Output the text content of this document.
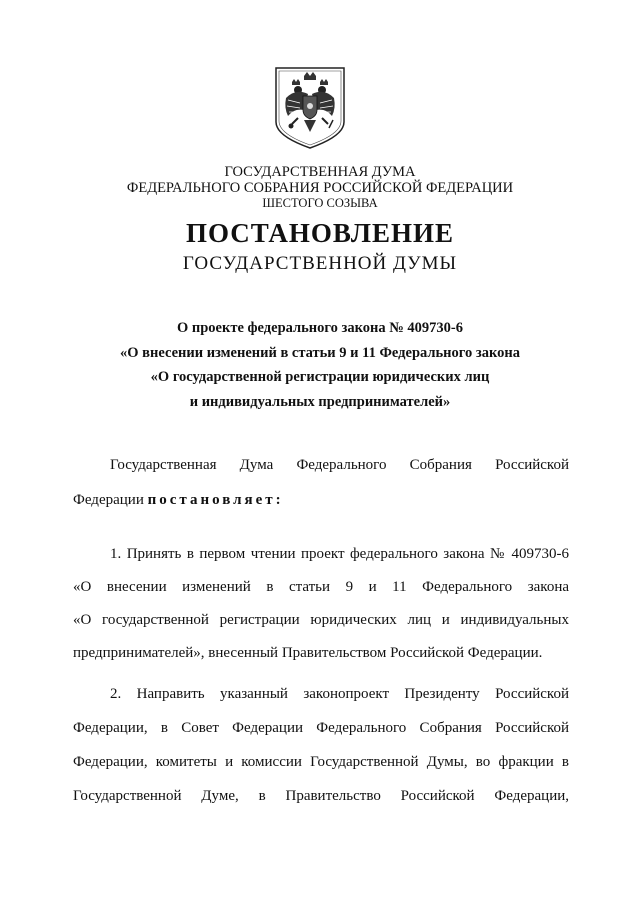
ГОСУДАРСТВЕННАЯ ДУМА
ФЕДЕРАЛЬНОГО СОБРАНИЯ РОССИЙСКОЙ ФЕДЕРАЦИИ
ШЕСТОГО СОЗЫВА
ПОСТАНОВЛЕНИЕ
ГОСУДАРСТВЕННОЙ ДУМЫ
О проекте федерального закона № 409730-6
«О внесении изменений в статьи 9 и 11 Федерального закона
«О государственной регистрации юридических лиц
и индивидуальных предпринимателей»
Государственная Дума Федерального Собрания Российской
Федерации постановляет:
1. Принять в первом чтении проект федерального закона № 409730-6
«О внесении изменений в статьи 9 и 11 Федерального закона
«О государственной регистрации юридических лиц и индивидуальных
предпринимателей», внесенный Правительством Российской Федерации.
2. Направить указанный законопроект Президенту Российской
Федерации, в Совет Федерации Федерального Собрания Российской
Федерации, комитеты и комиссии Государственной Думы, во фракции в
Государственной Думе, в Правительство Российской Федерации,
